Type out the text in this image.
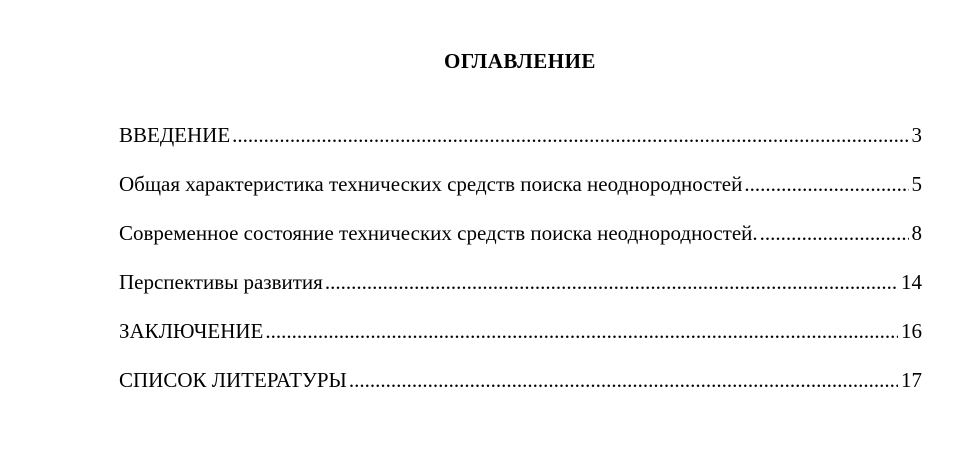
ОГЛАВЛЕНИЕ
ВВЕДЕНИЕ .....	3
Общая характеристика технических средств поиска неоднородностей .....	5
Современное состояние технических средств поиска неоднородностей. .....	8
Перспективы развития .....	14
ЗАКЛЮЧЕНИЕ .....	16
СПИСОК ЛИТЕРАТУРЫ .....	17
